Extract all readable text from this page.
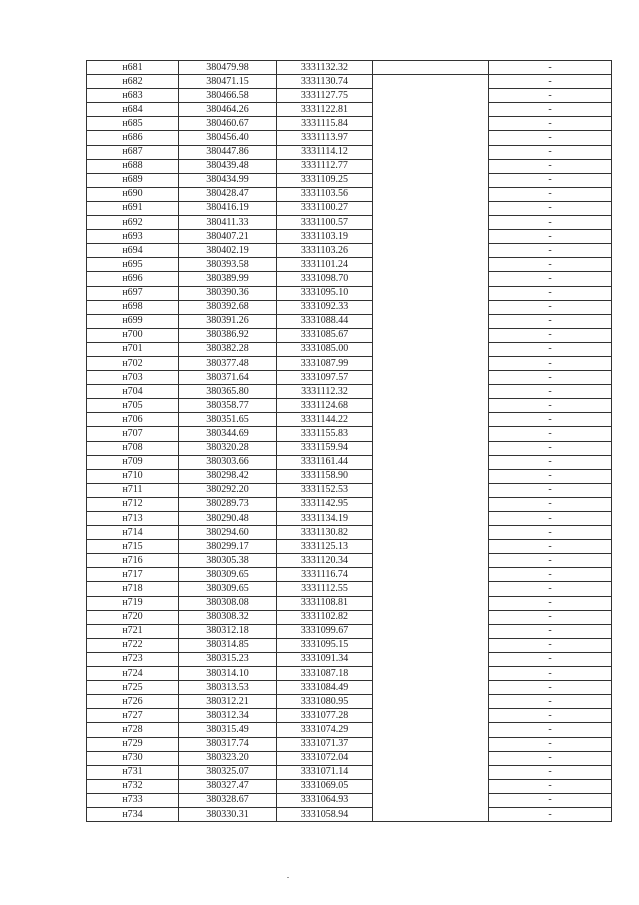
н681	380479.98	3331132.32		-
н682	380471.15	3331130.74		-
н683	380466.58	3331127.75		-
н684	380464.26	3331122.81		-
н685	380460.67	3331115.84		-
н686	380456.40	3331113.97		-
н687	380447.86	3331114.12		-
н688	380439.48	3331112.77		-
н689	380434.99	3331109.25		-
н690	380428.47	3331103.56		-
н691	380416.19	3331100.27		-
н692	380411.33	3331100.57		-
н693	380407.21	3331103.19		-
н694	380402.19	3331103.26		-
н695	380393.58	3331101.24		-
н696	380389.99	3331098.70		-
н697	380390.36	3331095.10		-
н698	380392.68	3331092.33		-
н699	380391.26	3331088.44		-
н700	380386.92	3331085.67		-
н701	380382.28	3331085.00		-
н702	380377.48	3331087.99		-
н703	380371.64	3331097.57		-
н704	380365.80	3331112.32		-
н705	380358.77	3331124.68		-
н706	380351.65	3331144.22		-
н707	380344.69	3331155.83		-
н708	380320.28	3331159.94		-
н709	380303.66	3331161.44		-
н710	380298.42	3331158.90		-
н711	380292.20	3331152.53		-
н712	380289.73	3331142.95		-
н713	380290.48	3331134.19		-
н714	380294.60	3331130.82		-
н715	380299.17	3331125.13		-
н716	380305.38	3331120.34		-
н717	380309.65	3331116.74		-
н718	380309.65	3331112.55		-
н719	380308.08	3331108.81		-
н720	380308.32	3331102.82		-
н721	380312.18	3331099.67		-
н722	380314.85	3331095.15		-
н723	380315.23	3331091.34		-
н724	380314.10	3331087.18		-
н725	380313.53	3331084.49		-
н726	380312.21	3331080.95		-
н727	380312.34	3331077.28		-
н728	380315.49	3331074.29		-
н729	380317.74	3331071.37		-
н730	380323.20	3331072.04		-
н731	380325.07	3331071.14		-
н732	380327.47	3331069.05		-
н733	380328.67	3331064.93		-
н734	380330.31	3331058.94		-
